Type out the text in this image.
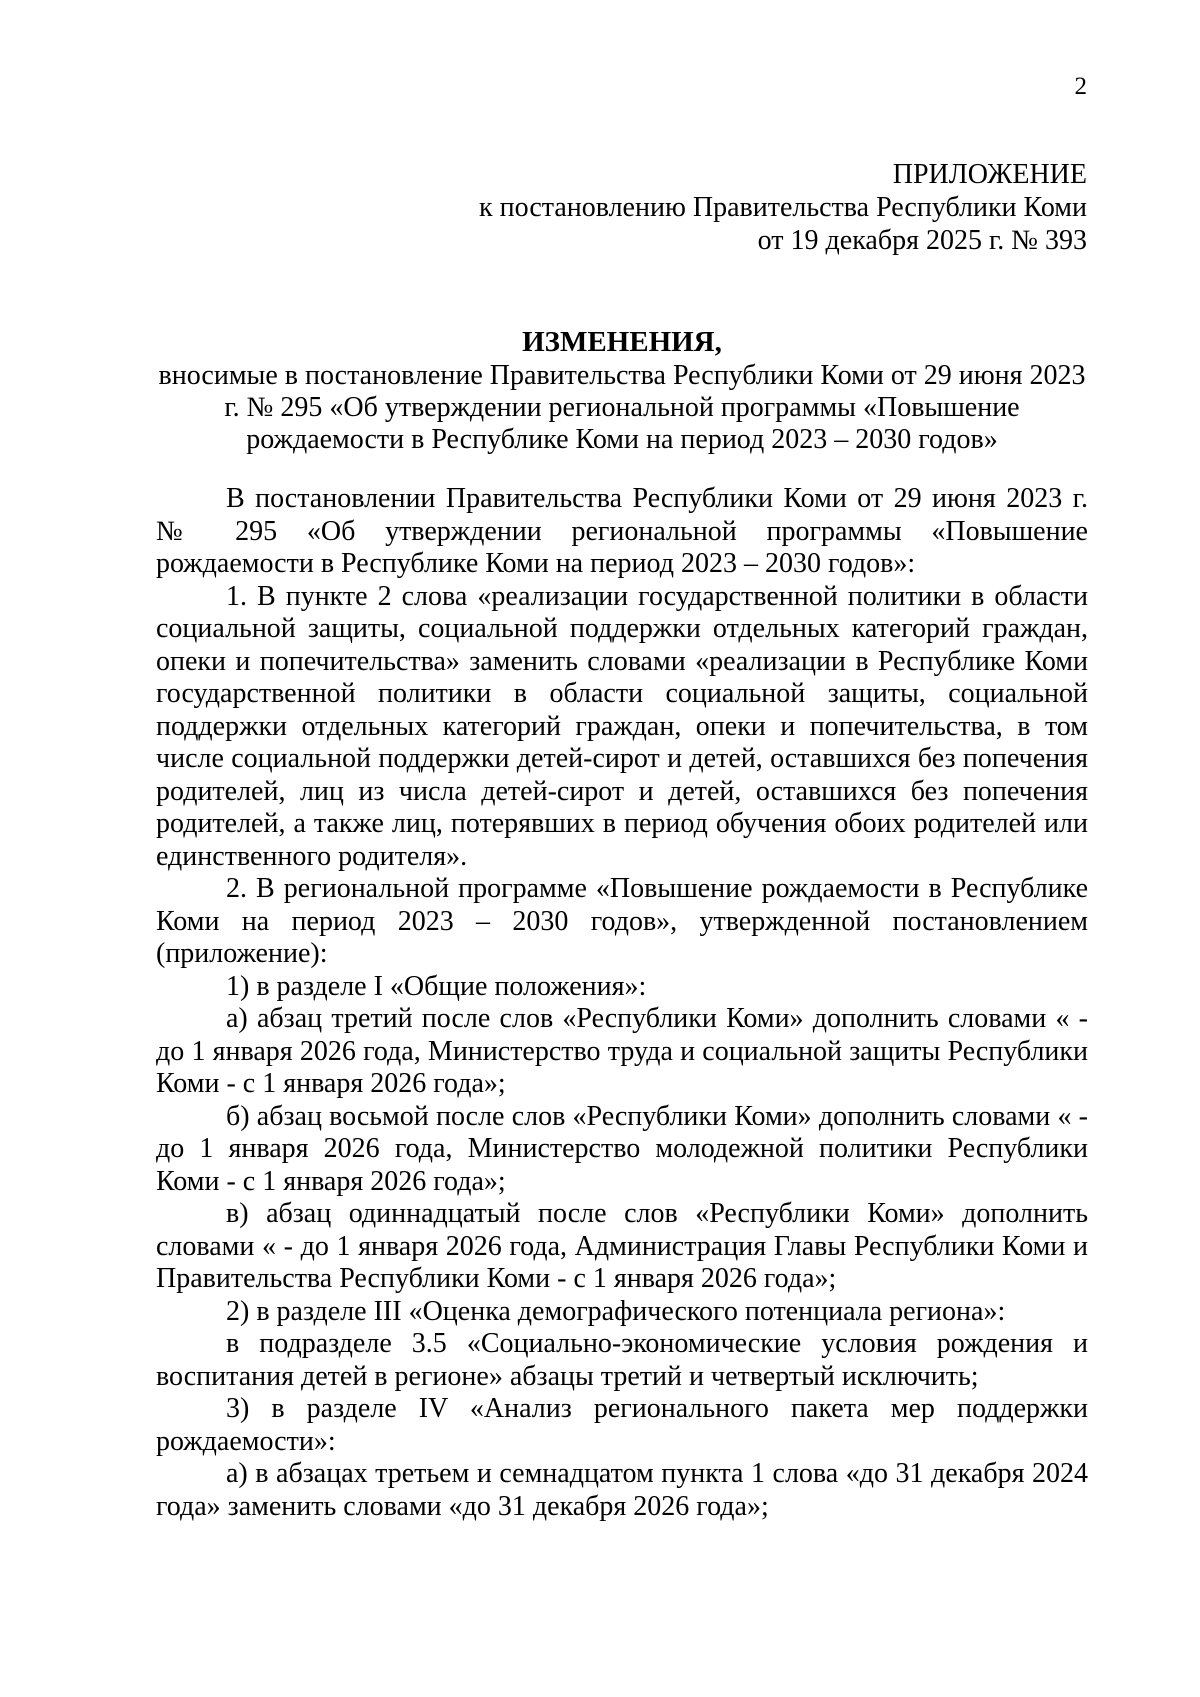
2
ПРИЛОЖЕНИЕ
к постановлению Правительства Республики Коми
от 19 декабря 2025 г. № 393
ИЗМЕНЕНИЯ,
вносимые в постановление Правительства Республики Коми от 29 июня 2023 г. № 295 «Об утверждении региональной программы «Повышение рождаемости в Республике Коми на период 2023 – 2030 годов»

В постановлении Правительства Республики Коми от 29 июня 2023 г. № 295 «Об утверждении региональной программы «Повышение рождаемости в Республике Коми на период 2023 – 2030 годов»:

1. В пункте 2 слова «реализации государственной политики в области социальной защиты, социальной поддержки отдельных категорий граждан, опеки и попечительства» заменить словами «реализации в Республике Коми государственной политики в области социальной защиты, социальной поддержки отдельных категорий граждан, опеки и попечительства, в том числе социальной поддержки детей-сирот и детей, оставшихся без попечения родителей, лиц из числа детей-сирот и детей, оставшихся без попечения родителей, а также лиц, потерявших в период обучения обоих родителей или единственного родителя».

2. В региональной программе «Повышение рождаемости в Республике Коми на период 2023 – 2030 годов», утвержденной постановлением (приложение):

1) в разделе I «Общие положения»:

а) абзац третий после слов «Республики Коми» дополнить словами « - до 1 января 2026 года, Министерство труда и социальной защиты Республики Коми - с 1 января 2026 года»;

б) абзац восьмой после слов «Республики Коми» дополнить словами « - до 1 января 2026 года, Министерство молодежной политики Республики Коми - с 1 января 2026 года»;

в) абзац одиннадцатый после слов «Республики Коми» дополнить словами « - до 1 января 2026 года, Администрация Главы Республики Коми и Правительства Республики Коми - с 1 января 2026 года»;

2) в разделе III «Оценка демографического потенциала региона»:

в подразделе 3.5 «Социально-экономические условия рождения и воспитания детей в регионе» абзацы третий и четвертый исключить;

3) в разделе IV «Анализ регионального пакета мер поддержки рождаемости»:

а) в абзацах третьем и семнадцатом пункта 1 слова «до 31 декабря 2024 года» заменить словами «до 31 декабря 2026 года»;
